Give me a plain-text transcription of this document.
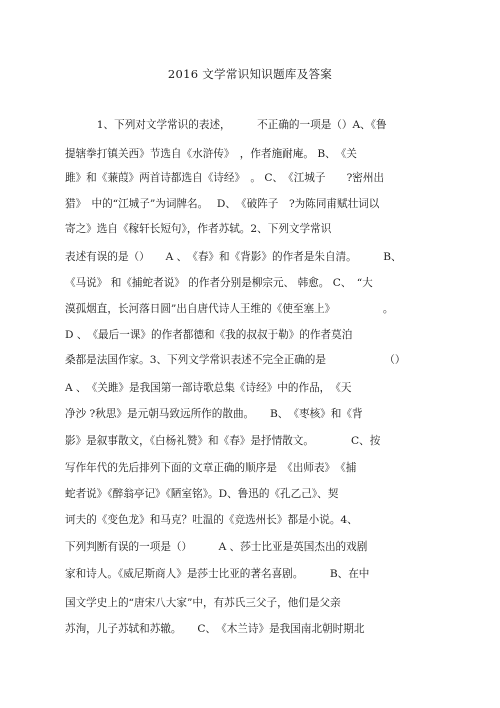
2016 文学常识知识题库及答案
　　　1、下列对文学常识的表述，　　　不正确的一项是（）A、《鲁
提辖拳打镇关西》节选自《水浒传》　，作者施耐庵。 B、　《关
雎》和《蒹葭》两首诗都选自《诗经》　。 C、　《江城子　　?密州出
猎》　中的“江城子”为词牌名。　 D、　《破阵子　?为陈同甫赋壮词以
寄之》选自《稼轩长短句》，作者苏轼。2、下列文学常识
表述有误的是（）　　A 、　《春》和《背影》的作者是朱自清。　　　B、
《马说》 和《捕蛇者说》 的作者分别是柳宗元、 韩愈。 C、　“大
漠孤烟直，长河落日圆”出自唐代诗人王维的《使至塞上》　　　　　。
D 、　《最后一课》的作者都德和《我的叔叔于勒》的作者莫泊
桑都是法国作家。3、下列文学常识表述不完全正确的是　　　　　　（）
A 、　《关雎》是我国第一部诗歌总集《诗经》中的作品，　《天
净沙 ?秋思》是元朝马致远所作的散曲。　　B、　《枣核》和《背
影》是叙事散文，《白杨礼赞》和《春》是抒情散文。　　　　C、按
写作年代的先后排列下面的文章正确的顺序是　《出师表》　《捕
蛇者说》《醉翁亭记》《陋室铭》。D、鲁迅的《孔乙己》、契
诃夫的《变色龙》和马克？吐温的《竞选州长》都是小说。4、
下列判断有误的一项是（）　　　A 、莎士比亚是英国杰出的戏剧
家和诗人。《威尼斯商人》是莎士比亚的著名喜剧。　　　B、在中
国文学史上的“唐宋八大家”中，有苏氏三父子，他们是父亲
苏洵，儿子苏轼和苏辙。　　C、　《木兰诗》是我国南北朝时期北
